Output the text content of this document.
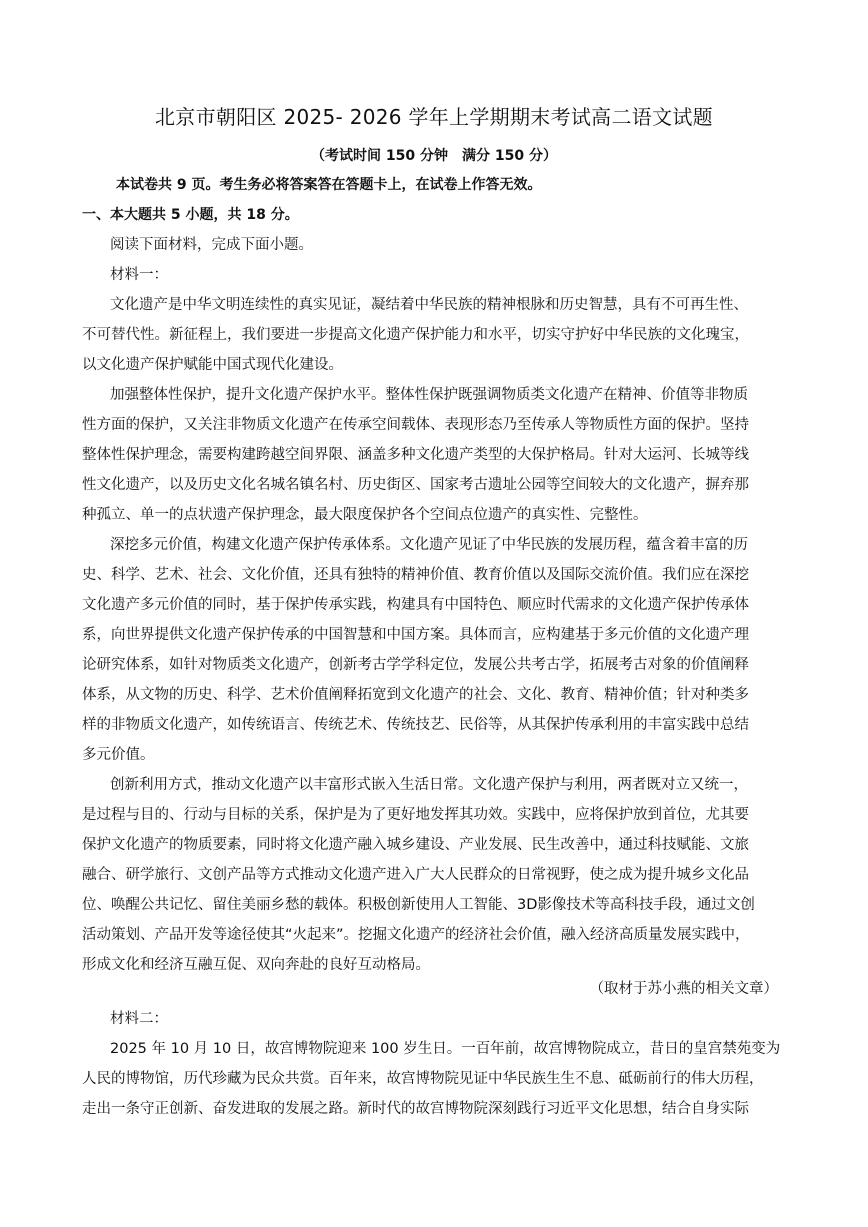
北京市朝阳区 2025- 2026 学年上学期期末考试高二语文试题
（考试时间 150 分钟　满分 150 分）
本试卷共 9 页。考生务必将答案答在答题卡上，在试卷上作答无效。
一、本大题共 5 小题，共 18 分。
阅读下面材料，完成下面小题。
材料一：
文化遗产是中华文明连续性的真实见证，凝结着中华民族的精神根脉和历史智慧，具有不可再生性、
不可替代性。新征程上，我们要进一步提高文化遗产保护能力和水平，切实守护好中华民族的文化瑰宝，
以文化遗产保护赋能中国式现代化建设。
加强整体性保护，提升文化遗产保护水平。整体性保护既强调物质类文化遗产在精神、价值等非物质
性方面的保护，又关注非物质文化遗产在传承空间载体、表现形态乃至传承人等物质性方面的保护。坚持
整体性保护理念，需要构建跨越空间界限、涵盖多种文化遗产类型的大保护格局。针对大运河、长城等线
性文化遗产，以及历史文化名城名镇名村、历史街区、国家考古遗址公园等空间较大的文化遗产，摒弃那
种孤立、单一的点状遗产保护理念，最大限度保护各个空间点位遗产的真实性、完整性。
深挖多元价值，构建文化遗产保护传承体系。文化遗产见证了中华民族的发展历程，蕴含着丰富的历
史、科学、艺术、社会、文化价值，还具有独特的精神价值、教育价值以及国际交流价值。我们应在深挖
文化遗产多元价值的同时，基于保护传承实践，构建具有中国特色、顺应时代需求的文化遗产保护传承体
系，向世界提供文化遗产保护传承的中国智慧和中国方案。具体而言，应构建基于多元价值的文化遗产理
论研究体系，如针对物质类文化遗产，创新考古学学科定位，发展公共考古学，拓展考古对象的价值阐释
体系，从文物的历史、科学、艺术价值阐释拓宽到文化遗产的社会、文化、教育、精神价值；针对种类多
样的非物质文化遗产，如传统语言、传统艺术、传统技艺、民俗等，从其保护传承利用的丰富实践中总结
多元价值。
创新利用方式，推动文化遗产以丰富形式嵌入生活日常。文化遗产保护与利用，两者既对立又统一，
是过程与目的、行动与目标的关系，保护是为了更好地发挥其功效。实践中，应将保护放到首位，尤其要
保护文化遗产的物质要素，同时将文化遗产融入城乡建设、产业发展、民生改善中，通过科技赋能、文旅
融合、研学旅行、文创产品等方式推动文化遗产进入广大人民群众的日常视野，使之成为提升城乡文化品
位、唤醒公共记忆、留住美丽乡愁的载体。积极创新使用人工智能、3D影像技术等高科技手段，通过文创
活动策划、产品开发等途径使其“火起来”。挖掘文化遗产的经济社会价值，融入经济高质量发展实践中，
形成文化和经济互融互促、双向奔赴的良好互动格局。
（取材于苏小燕的相关文章）
材料二：
2025 年 10 月 10 日，故宫博物院迎来 100 岁生日。一百年前，故宫博物院成立，昔日的皇宫禁苑变为
人民的博物馆，历代珍藏为民众共赏。百年来，故宫博物院见证中华民族生生不息、砥砺前行的伟大历程，
走出一条守正创新、奋发进取的发展之路。新时代的故宫博物院深刻践行习近平文化思想，结合自身实际
